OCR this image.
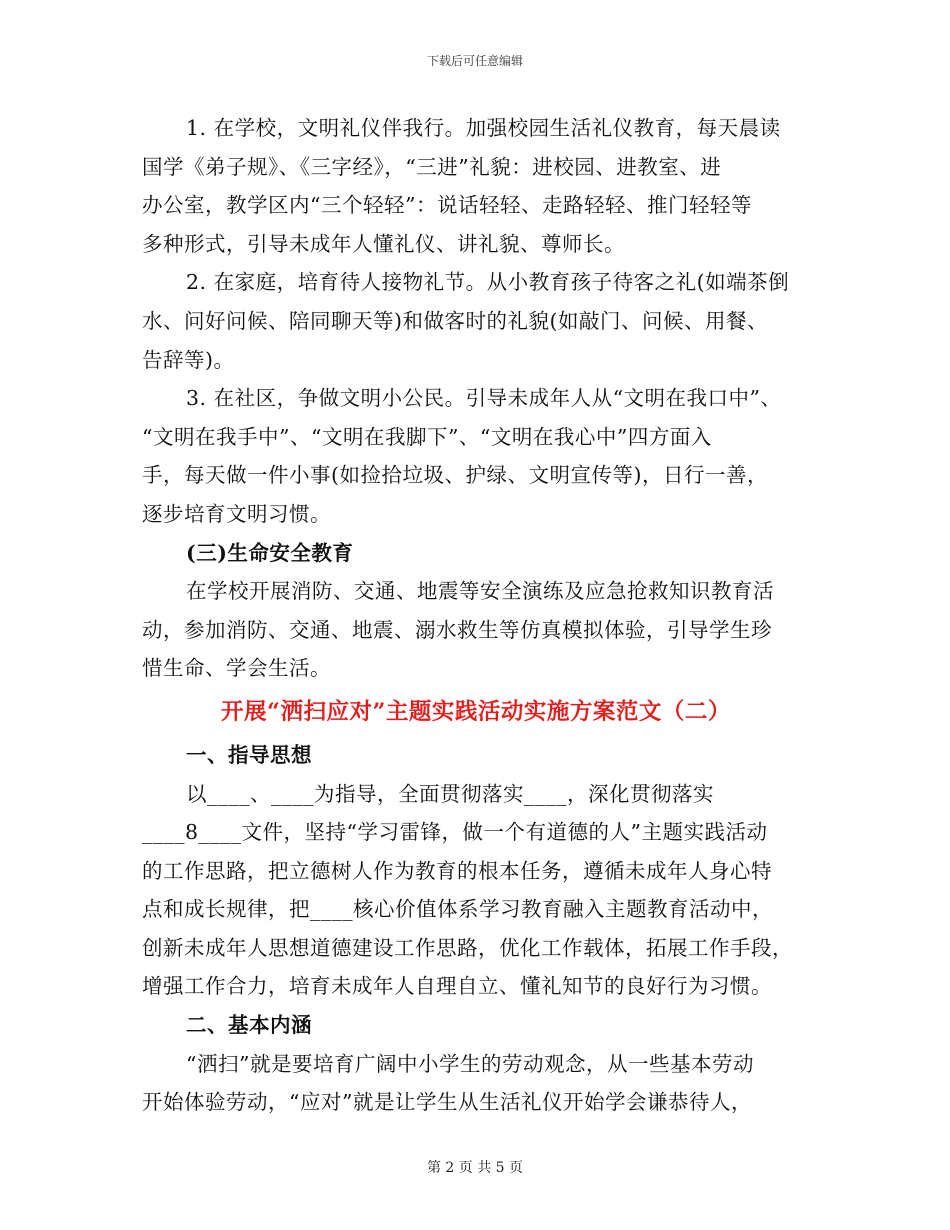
下载后可任意编辑
1. 在学校，文明礼仪伴我行。加强校园生活礼仪教育，每天晨读
国学《弟子规》、《三字经》，“三进”礼貌：进校园、进教室、进
办公室，教学区内“三个轻轻”：说话轻轻、走路轻轻、推门轻轻等
多种形式，引导未成年人懂礼仪、讲礼貌、尊师长。
2. 在家庭，培育待人接物礼节。从小教育孩子待客之礼(如端茶倒
水、问好问候、陪同聊天等)和做客时的礼貌(如敲门、问候、用餐、
告辞等)。
3. 在社区，争做文明小公民。引导未成年人从“文明在我口中”、
“文明在我手中”、“文明在我脚下”、“文明在我心中”四方面入
手，每天做一件小事(如捡拾垃圾、护绿、文明宣传等)，日行一善，
逐步培育文明习惯。
(三)生命安全教育
在学校开展消防、交通、地震等安全演练及应急抢救知识教育活
动，参加消防、交通、地震、溺水救生等仿真模拟体验，引导学生珍
惜生命、学会生活。
开展“洒扫应对”主题实践活动实施方案范文（二）
一、指导思想
以____、____为指导，全面贯彻落实____，深化贯彻落实
____8____文件，坚持“学习雷锋，做一个有道德的人”主题实践活动
的工作思路，把立德树人作为教育的根本任务，遵循未成年人身心特
点和成长规律，把____核心价值体系学习教育融入主题教育活动中，
创新未成年人思想道德建设工作思路，优化工作载体，拓展工作手段，
增强工作合力，培育未成年人自理自立、懂礼知节的良好行为习惯。
二、基本内涵
“洒扫”就是要培育广阔中小学生的劳动观念，从一些基本劳动
开始体验劳动，“应对”就是让学生从生活礼仪开始学会谦恭待人，
第 2 页 共 5 页
